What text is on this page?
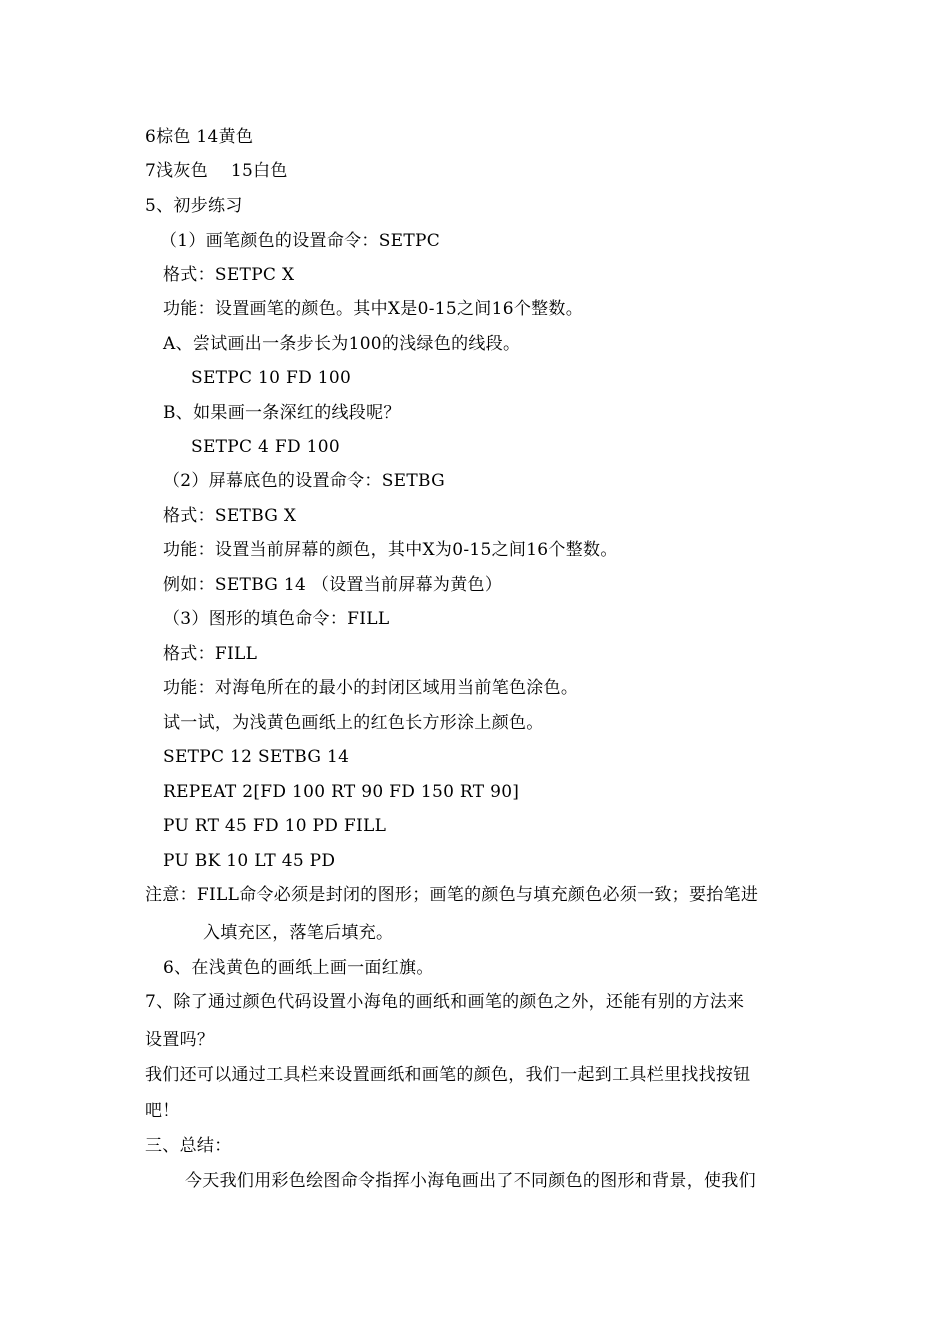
6棕色 14黄色
7浅灰色    15白色
5、初步练习
（1）画笔颜色的设置命令：SETPC
格式：SETPC X
功能：设置画笔的颜色。其中X是0-15之间16个整数。
A、尝试画出一条步长为100的浅绿色的线段。
SETPC 10 FD 100
B、如果画一条深红的线段呢？
SETPC 4 FD 100
（2）屏幕底色的设置命令：SETBG
格式：SETBG X
功能：设置当前屏幕的颜色，其中X为0-15之间16个整数。
例如：SETBG 14 （设置当前屏幕为黄色）
（3）图形的填色命令：FILL
格式：FILL
功能：对海龟所在的最小的封闭区域用当前笔色涂色。
试一试，为浅黄色画纸上的红色长方形涂上颜色。
SETPC 12 SETBG 14
REPEAT 2[FD 100 RT 90 FD 150 RT 90]
PU RT 45 FD 10 PD FILL
PU BK 10 LT 45 PD
注意：FILL命令必须是封闭的图形；画笔的颜色与填充颜色必须一致；要抬笔进
入填充区，落笔后填充。
6、在浅黄色的画纸上画一面红旗。
7、除了通过颜色代码设置小海龟的画纸和画笔的颜色之外，还能有别的方法来
设置吗？
我们还可以通过工具栏来设置画纸和画笔的颜色，我们一起到工具栏里找找按钮
吧！
三、总结：
今天我们用彩色绘图命令指挥小海龟画出了不同颜色的图形和背景，使我们
